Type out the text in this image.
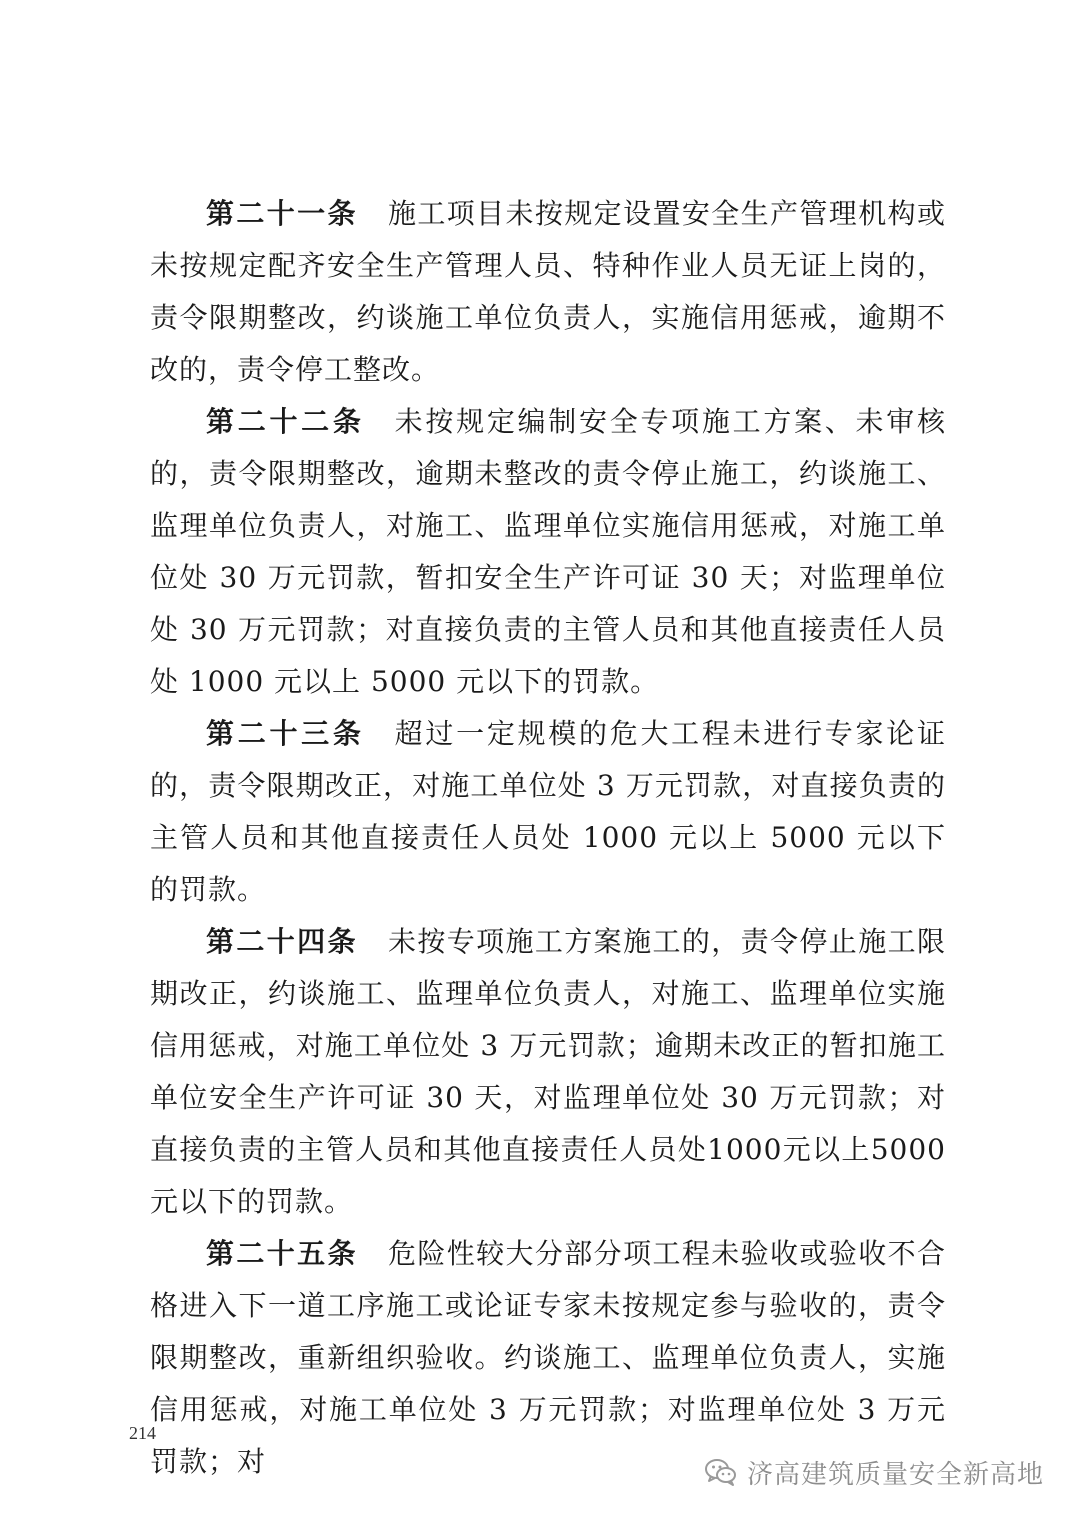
第二十一条 施工项目未按规定设置安全生产管理机构或未按规定配齐安全生产管理人员、特种作业人员无证上岗的，责令限期整改，约谈施工单位负责人，实施信用惩戒，逾期不改的，责令停工整改。

第二十二条 未按规定编制安全专项施工方案、未审核的，责令限期整改，逾期未整改的责令停止施工，约谈施工、监理单位负责人，对施工、监理单位实施信用惩戒，对施工单位处 30 万元罚款，暂扣安全生产许可证 30 天；对监理单位处 30 万元罚款；对直接负责的主管人员和其他直接责任人员处 1000 元以上 5000 元以下的罚款。

第二十三条 超过一定规模的危大工程未进行专家论证的，责令限期改正，对施工单位处 3 万元罚款，对直接负责的主管人员和其他直接责任人员处 1000 元以上 5000 元以下的罚款。

第二十四条 未按专项施工方案施工的，责令停止施工限期改正，约谈施工、监理单位负责人，对施工、监理单位实施信用惩戒，对施工单位处 3 万元罚款；逾期未改正的暂扣施工单位安全生产许可证 30 天，对监理单位处 30 万元罚款；对直接负责的主管人员和其他直接责任人员处1000元以上5000元以下的罚款。

第二十五条 危险性较大分部分项工程未验收或验收不合格进入下一道工序施工或论证专家未按规定参与验收的，责令限期整改，重新组织验收。约谈施工、监理单位负责人，实施信用惩戒，对施工单位处 3 万元罚款；对监理单位处 3 万元罚款；对

214
济高建筑质量安全新高地
